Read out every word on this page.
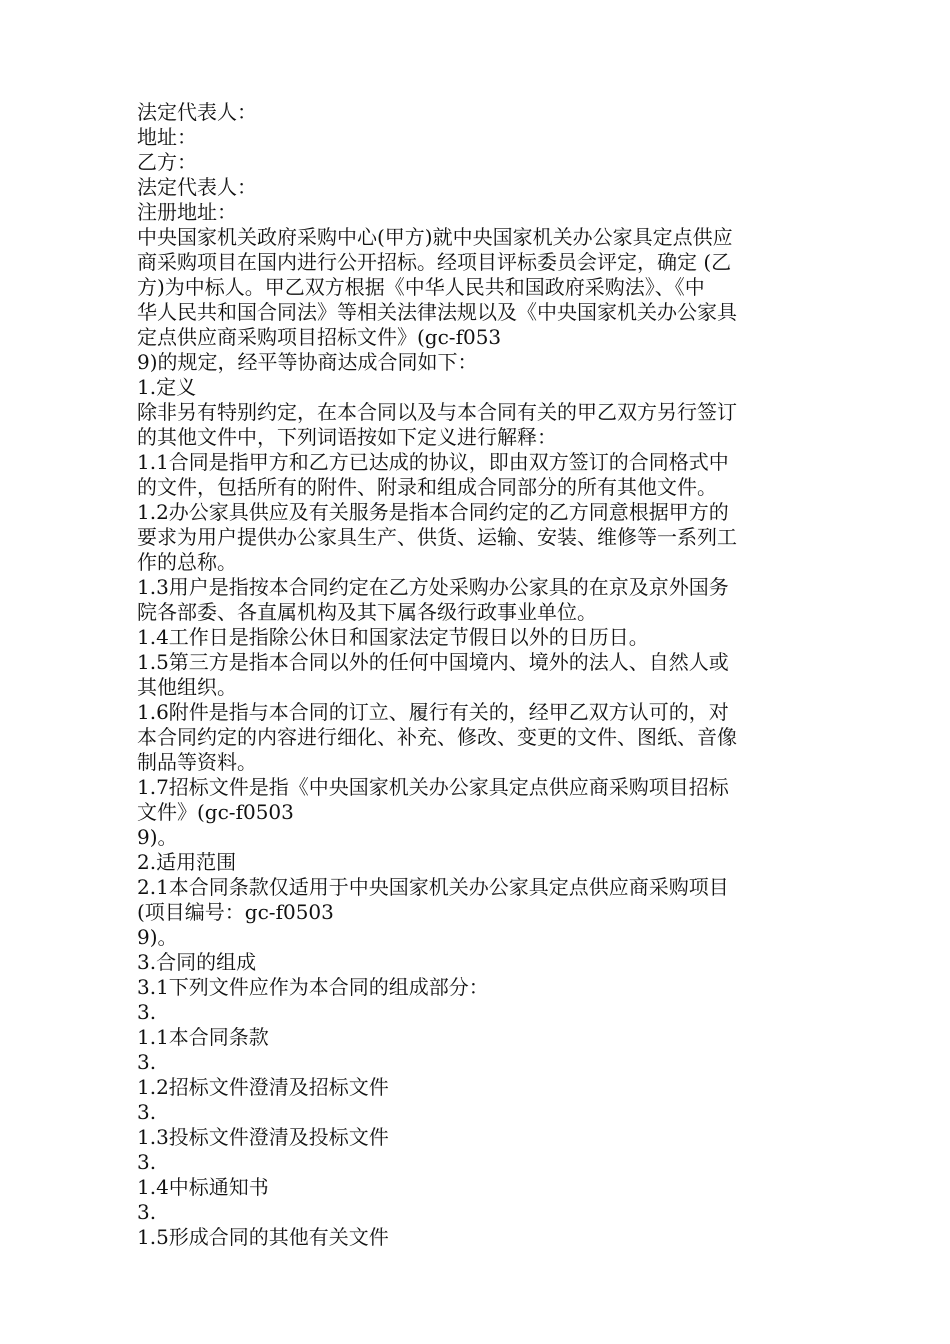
法定代表人：
地址：
乙方：
法定代表人：
注册地址：
中央国家机关政府采购中心(甲方)就中央国家机关办公家具定点供应
商采购项目在国内进行公开招标。经项目评标委员会评定，确定 (乙
方)为中标人。甲乙双方根据《中华人民共和国政府采购法》、《中
华人民共和国合同法》等相关法律法规以及《中央国家机关办公家具
定点供应商采购项目招标文件》(gc-f053
9)的规定，经平等协商达成合同如下：
1.定义
除非另有特别约定，在本合同以及与本合同有关的甲乙双方另行签订
的其他文件中，下列词语按如下定义进行解释：
1.1合同是指甲方和乙方已达成的协议，即由双方签订的合同格式中
的文件，包括所有的附件、附录和组成合同部分的所有其他文件。
1.2办公家具供应及有关服务是指本合同约定的乙方同意根据甲方的
要求为用户提供办公家具生产、供货、运输、安装、维修等一系列工
作的总称。
1.3用户是指按本合同约定在乙方处采购办公家具的在京及京外国务
院各部委、各直属机构及其下属各级行政事业单位。
1.4工作日是指除公休日和国家法定节假日以外的日历日。
1.5第三方是指本合同以外的任何中国境内、境外的法人、自然人或
其他组织。
1.6附件是指与本合同的订立、履行有关的，经甲乙双方认可的，对
本合同约定的内容进行细化、补充、修改、变更的文件、图纸、音像
制品等资料。
1.7招标文件是指《中央国家机关办公家具定点供应商采购项目招标
文件》(gc-f0503
9)。
2.适用范围
2.1本合同条款仅适用于中央国家机关办公家具定点供应商采购项目
(项目编号：gc-f0503
9)。
3.合同的组成
3.1下列文件应作为本合同的组成部分：
3.
1.1本合同条款
3.
1.2招标文件澄清及招标文件
3.
1.3投标文件澄清及投标文件
3.
1.4中标通知书
3.
1.5形成合同的其他有关文件
